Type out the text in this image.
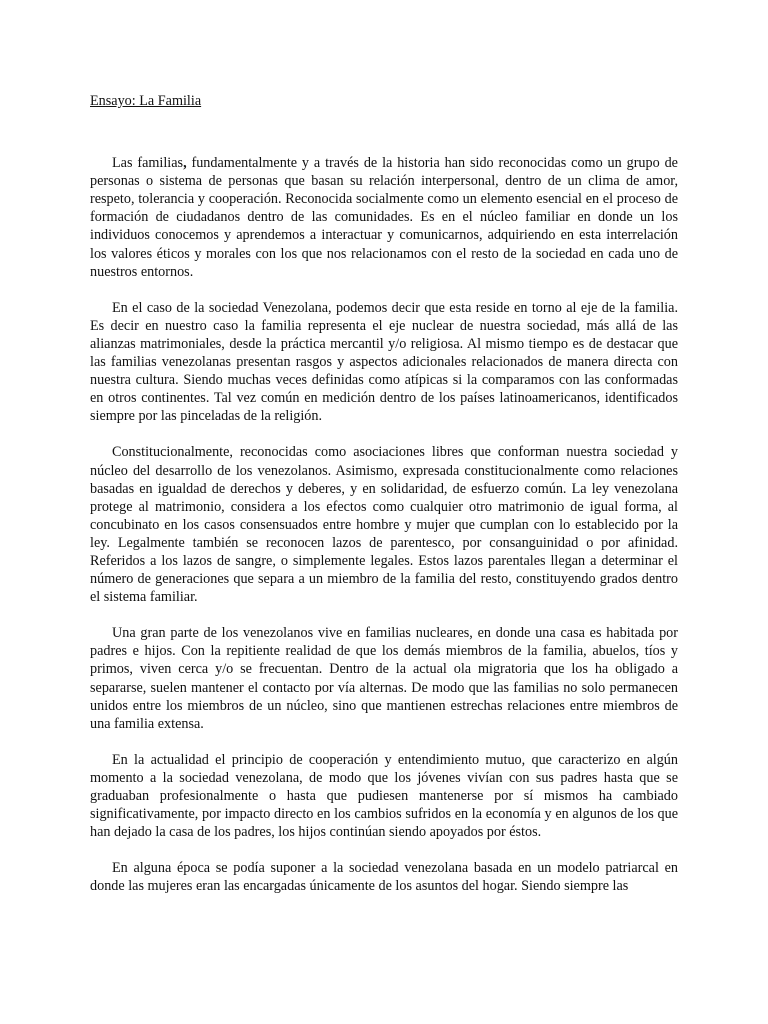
Ensayo: La Familia

Las familias, fundamentalmente y a través de la historia han sido reconocidas como un grupo de personas o sistema de personas que basan su relación interpersonal, dentro de un clima de amor, respeto, tolerancia y cooperación. Reconocida socialmente como un elemento esencial en el proceso de formación de ciudadanos dentro de las comunidades. Es en el núcleo familiar en donde un los individuos conocemos y aprendemos a interactuar y comunicarnos, adquiriendo en esta interrelación los valores éticos y morales con los que nos relacionamos con el resto de la sociedad en cada uno de nuestros entornos.

En el caso de la sociedad Venezolana, podemos decir que esta reside en torno al eje de la familia. Es decir en nuestro caso la familia representa el eje nuclear de nuestra sociedad, más allá de las alianzas matrimoniales, desde la práctica mercantil y/o religiosa. Al mismo tiempo es de destacar que las familias venezolanas presentan rasgos y aspectos adicionales relacionados de manera directa con nuestra cultura. Siendo muchas veces definidas como atípicas si la comparamos con las conformadas en otros continentes. Tal vez común en medición dentro de los países latinoamericanos, identificados siempre por las pinceladas de la religión.

Constitucionalmente, reconocidas como asociaciones libres que conforman nuestra sociedad y núcleo del desarrollo de los venezolanos. Asimismo, expresada constitucionalmente como relaciones basadas en igualdad de derechos y deberes, y en solidaridad, de esfuerzo común. La ley venezolana protege al matrimonio, considera a los efectos como cualquier otro matrimonio de igual forma, al concubinato en los casos consensuados entre hombre y mujer que cumplan con lo establecido por la ley. Legalmente también se reconocen lazos de parentesco, por consanguinidad o por afinidad. Referidos a los lazos de sangre, o simplemente legales. Estos lazos parentales llegan a determinar el número de generaciones que separa a un miembro de la familia del resto, constituyendo grados dentro el sistema familiar.

Una gran parte de los venezolanos vive en familias nucleares, en donde una casa es habitada por padres e hijos. Con la repitiente realidad de que los demás miembros de la familia, abuelos, tíos y primos, viven cerca y/o se frecuentan. Dentro de la actual ola migratoria que los ha obligado a separarse, suelen mantener el contacto por vía alternas. De modo que las familias no solo permanecen unidos entre los miembros de un núcleo, sino que mantienen estrechas relaciones entre miembros de una familia extensa.

En la actualidad el principio de cooperación y entendimiento mutuo, que caracterizo en algún momento a la sociedad venezolana, de modo que los jóvenes vivían con sus padres hasta que se graduaban profesionalmente o hasta que pudiesen mantenerse por sí mismos ha cambiado significativamente, por impacto directo en los cambios sufridos en la economía y en algunos de los que han dejado la casa de los padres, los hijos continúan siendo apoyados por éstos.

En alguna época se podía suponer a la sociedad venezolana basada en un modelo patriarcal en donde las mujeres eran las encargadas únicamente de los asuntos del hogar. Siendo siempre las
